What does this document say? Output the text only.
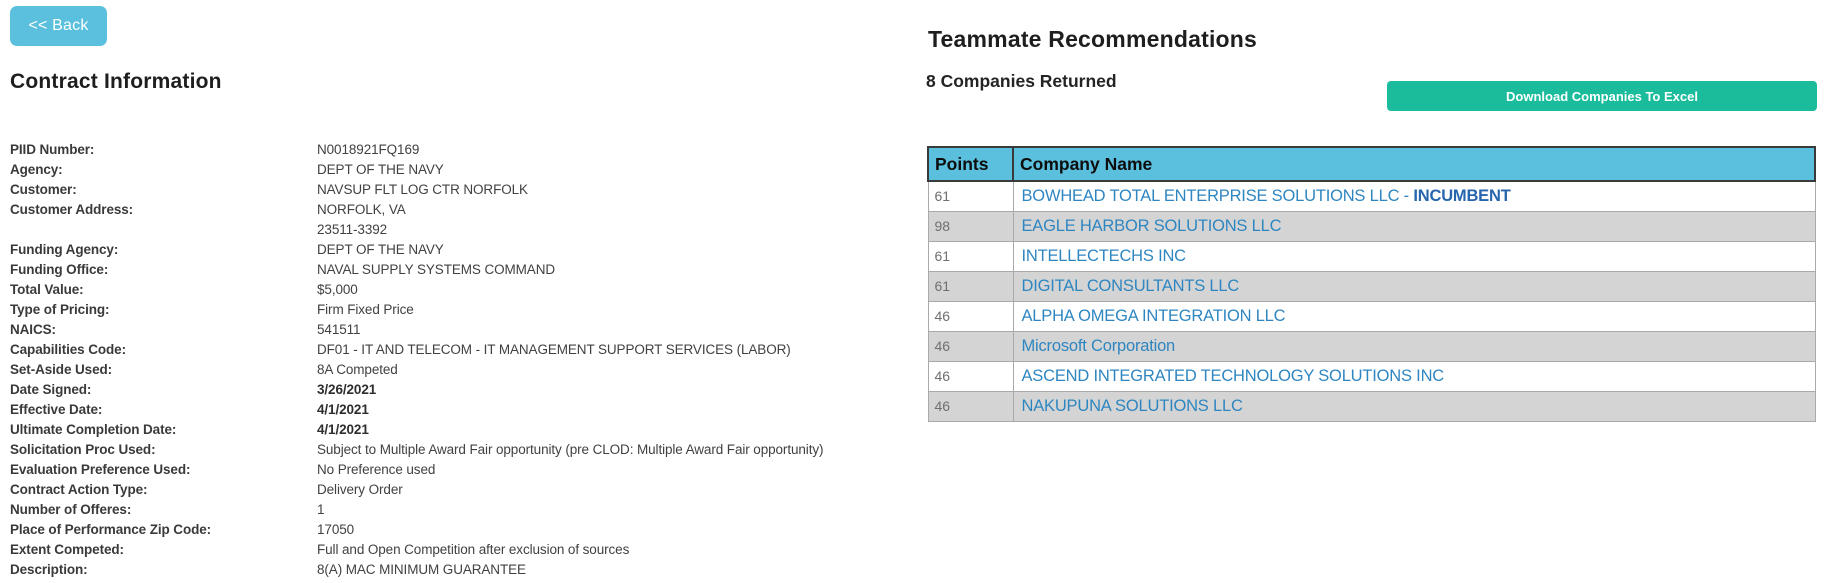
<< Back
Contract Information
PIID Number:	N0018921FQ169
Agency:	DEPT OF THE NAVY
Customer:	NAVSUP FLT LOG CTR NORFOLK
Customer Address:	NORFOLK, VA
23511-3392
Funding Agency:	DEPT OF THE NAVY
Funding Office:	NAVAL SUPPLY SYSTEMS COMMAND
Total Value:	$5,000
Type of Pricing:	Firm Fixed Price
NAICS:	541511
Capabilities Code:	DF01 - IT AND TELECOM - IT MANAGEMENT SUPPORT SERVICES (LABOR)
Set-Aside Used:	8A Competed
Date Signed:	3/26/2021
Effective Date:	4/1/2021
Ultimate Completion Date:	4/1/2021
Solicitation Proc Used:	Subject to Multiple Award Fair opportunity (pre CLOD: Multiple Award Fair opportunity)
Evaluation Preference Used:	No Preference used
Contract Action Type:	Delivery Order
Number of Offeres:	1
Place of Performance Zip Code:	17050
Extent Competed:	Full and Open Competition after exclusion of sources
Description:	8(A) MAC MINIMUM GUARANTEE
Teammate Recommendations
8 Companies Returned
Download Companies To Excel
Points	Company Name
61	BOWHEAD TOTAL ENTERPRISE SOLUTIONS LLC - INCUMBENT
98	EAGLE HARBOR SOLUTIONS LLC
61	INTELLECTECHS INC
61	DIGITAL CONSULTANTS LLC
46	ALPHA OMEGA INTEGRATION LLC
46	Microsoft Corporation
46	ASCEND INTEGRATED TECHNOLOGY SOLUTIONS INC
46	NAKUPUNA SOLUTIONS LLC
